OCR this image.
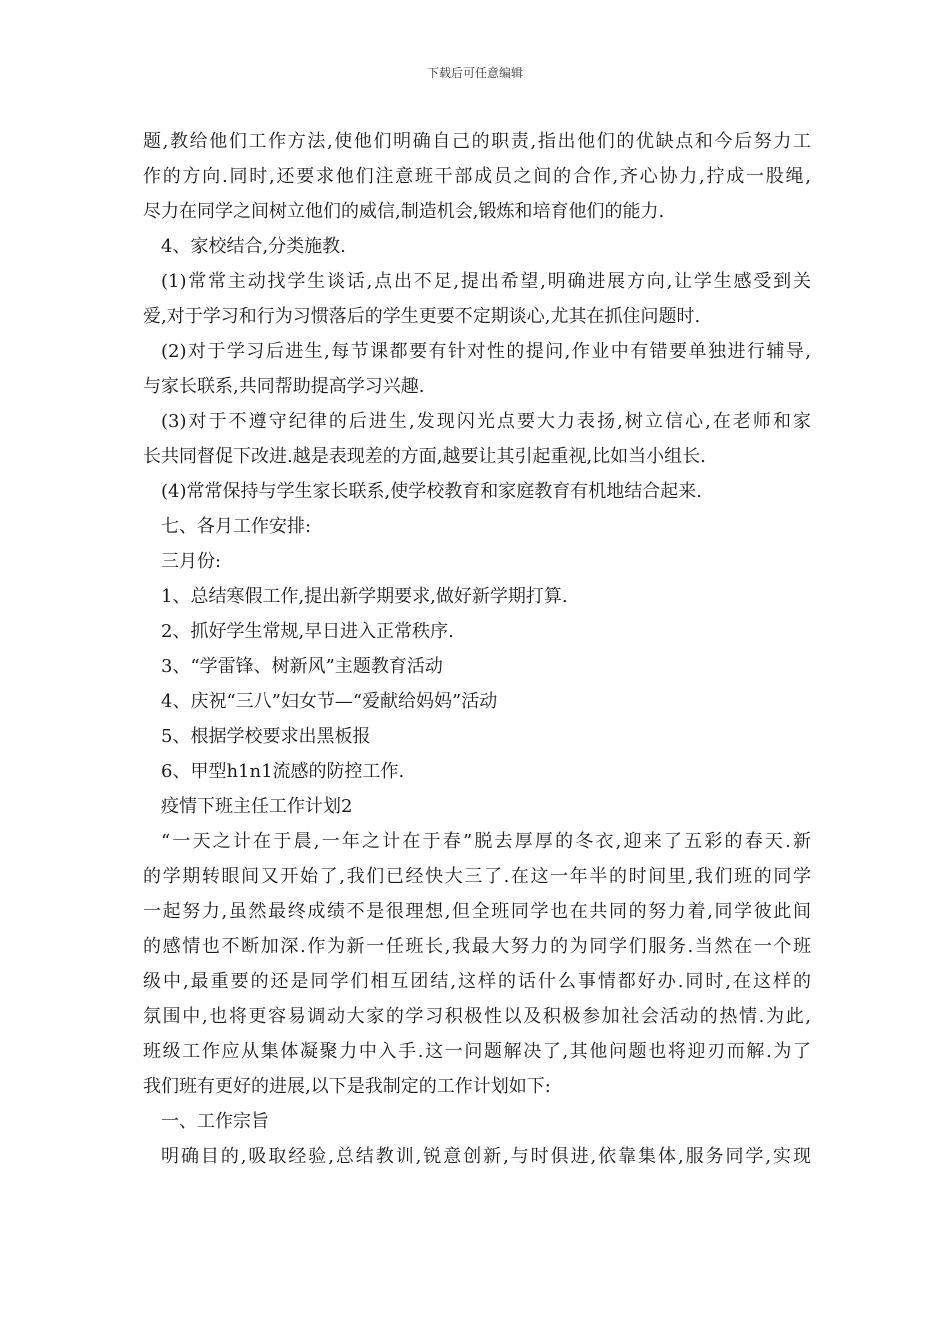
下载后可任意编辑
题,教给他们工作方法,使他们明确自己的职责,指出他们的优缺点和今后努力工
作的方向.同时,还要求他们注意班干部成员之间的合作,齐心协力,拧成一股绳,
尽力在同学之间树立他们的威信,制造机会,锻炼和培育他们的能力.
4、家校结合,分类施教.
(1)常常主动找学生谈话,点出不足,提出希望,明确进展方向,让学生感受到关
爱,对于学习和行为习惯落后的学生更要不定期谈心,尤其在抓住问题时.
(2)对于学习后进生,每节课都要有针对性的提问,作业中有错要单独进行辅导,
与家长联系,共同帮助提高学习兴趣.
(3)对于不遵守纪律的后进生,发现闪光点要大力表扬,树立信心,在老师和家
长共同督促下改进.越是表现差的方面,越要让其引起重视,比如当小组长.
(4)常常保持与学生家长联系,使学校教育和家庭教育有机地结合起来.
七、各月工作安排:
三月份:
1、总结寒假工作,提出新学期要求,做好新学期打算.
2、抓好学生常规,早日进入正常秩序.
3、“学雷锋、树新风”主题教育活动
4、庆祝“三八”妇女节—“爱献给妈妈”活动
5、根据学校要求出黑板报
6、甲型h1n1流感的防控工作.
疫情下班主任工作计划2
“一天之计在于晨,一年之计在于春”脱去厚厚的冬衣,迎来了五彩的春天.新
的学期转眼间又开始了,我们已经快大三了.在这一年半的时间里,我们班的同学
一起努力,虽然最终成绩不是很理想,但全班同学也在共同的努力着,同学彼此间
的感情也不断加深.作为新一任班长,我最大努力的为同学们服务.当然在一个班
级中,最重要的还是同学们相互团结,这样的话什么事情都好办.同时,在这样的
氛围中,也将更容易调动大家的学习积极性以及积极参加社会活动的热情.为此,
班级工作应从集体凝聚力中入手.这一问题解决了,其他问题也将迎刃而解.为了
我们班有更好的进展,以下是我制定的工作计划如下:
一、工作宗旨
明确目的,吸取经验,总结教训,锐意创新,与时俱进,依靠集体,服务同学,实现
